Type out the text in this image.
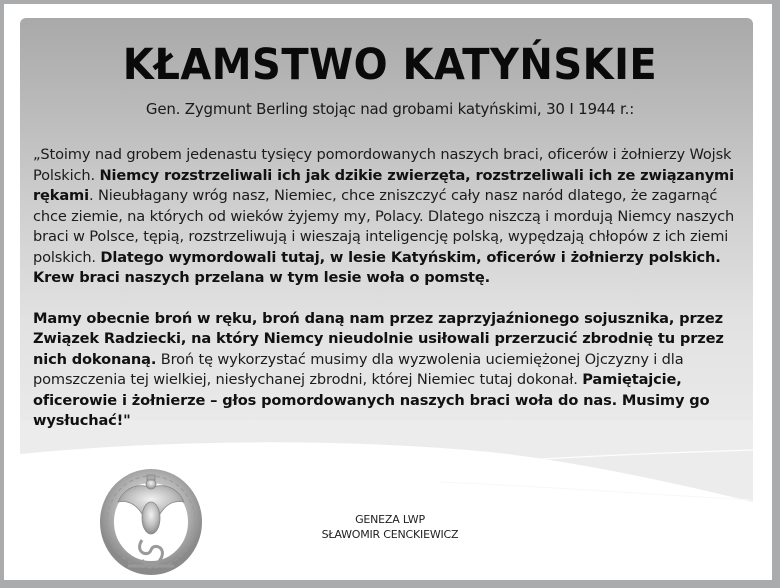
KŁAMSTWO KATYŃSKIE
Gen. Zygmunt Berling stojąc nad grobami katyńskimi, 30 I 1944 r.:

„Stoimy nad grobem jedenastu tysięcy pomordowanych naszych braci, oficerów i żołnierzy Wojsk Polskich. Niemcy rozstrzeliwali ich jak dzikie zwierzęta, rozstrzeliwali ich ze związanymi rękami. Nieubłagany wróg nasz, Niemiec, chce zniszczyć cały nasz naród dlatego, że zagarnąć chce ziemie, na których od wieków żyjemy my, Polacy. Dlatego niszczą i mordują Niemcy naszych braci w Polsce, tępią, rozstrzeliwują i wieszają inteligencję polską, wypędzają chłopów z ich ziemi polskich. Dlatego wymordowali tutaj, w lesie Katyńskim, oficerów i żołnierzy polskich. Krew braci naszych przelana w tym lesie woła o pomstę.

Mamy obecnie broń w ręku, broń daną nam przez zaprzyjaźnionego sojusznika, przez Związek Radziecki, na który Niemcy nieudolnie usiłowali przerzucić zbrodnię tu przez nich dokonaną. Broń tę wykorzystać musimy dla wyzwolenia uciemiężonej Ojczyzny i dla pomszczenia tej wielkiej, niesłychanej zbrodni, której Niemiec tutaj dokonał. Pamiętajcie, oficerowie i żołnierze – głos pomordowanych naszych braci woła do nas. Musimy go wysłuchać!"

GENEZA LWP
SŁAWOMIR CENCKIEWICZ
